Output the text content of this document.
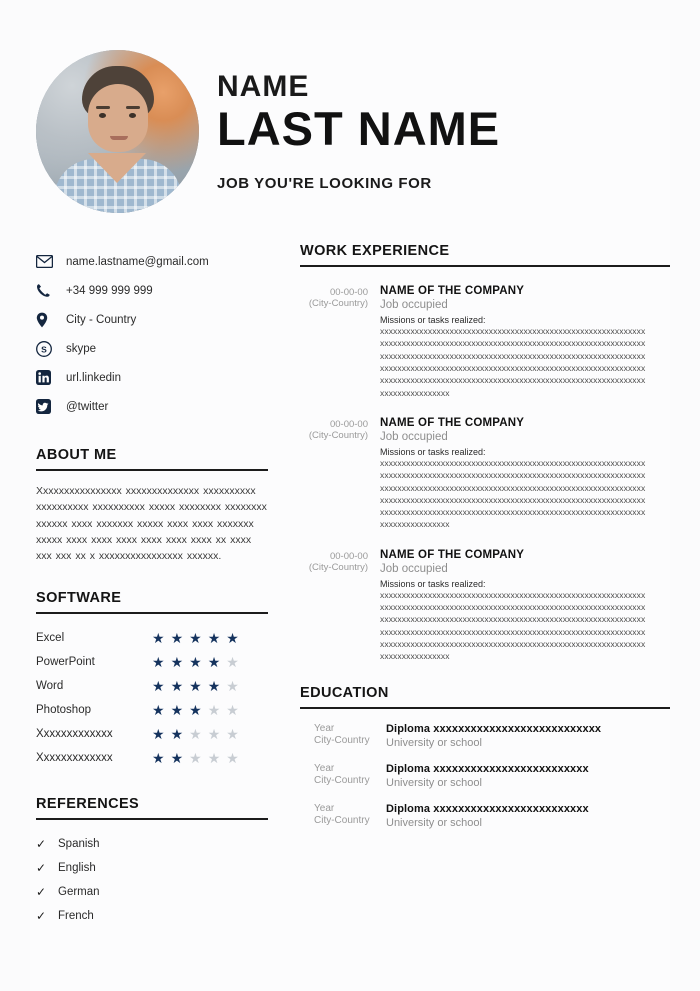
NAME
LAST NAME
JOB YOU'RE LOOKING FOR
name.lastname@gmail.com
+34 999 999 999
City - Country
S skype
url.linkedin
@twitter
ABOUT ME
Xxxxxxxxxxxxxxxx xxxxxxxxxxxxxx xxxxxxxxxx xxxxxxxxxx xxxxxxxxxx xxxxx xxxxxxxx xxxxxxxx xxxxxx xxxx xxxxxxx xxxxx xxxx xxxx xxxxxxx xxxxx xxxx xxxx xxxx xxxx xxxx xxxx xx xxxx xxx xxx xx x xxxxxxxxxxxxxxxx xxxxxx.
SOFTWARE
Excel	★ ★ ★ ★ ★
PowerPoint	★ ★ ★ ★ ★
Word	★ ★ ★ ★ ★
Photoshop	★ ★ ★ ★ ★
Xxxxxxxxxxxxx	★ ★ ★ ★ ★
Xxxxxxxxxxxxx	★ ★ ★ ★ ★
REFERENCES
✓	Spanish
✓	English
✓	German
✓	French
WORK EXPERIENCE
00-00-00
(City-Country)
NAME OF THE COMPANY
Job occupied
Missions or tasks realized:
xxxxxxxxxxxxxxxxxxxxxxxxxxxxxxxxxxxxxxxxxxxxxxxxxxxxxxxxxxxxx
xxxxxxxxxxxxxxxxxxxxxxxxxxxxxxxxxxxxxxxxxxxxxxxxxxxxxxxxxxxxx
xxxxxxxxxxxxxxxxxxxxxxxxxxxxxxxxxxxxxxxxxxxxxxxxxxxxxxxxxxxxx
xxxxxxxxxxxxxxxxxxxxxxxxxxxxxxxxxxxxxxxxxxxxxxxxxxxxxxxxxxxxx
xxxxxxxxxxxxxxxxxxxxxxxxxxxxxxxxxxxxxxxxxxxxxxxxxxxxxxxxxxxxx
xxxxxxxxxxxxxxxx
00-00-00
(City-Country)
NAME OF THE COMPANY
Job occupied
Missions or tasks realized:
xxxxxxxxxxxxxxxxxxxxxxxxxxxxxxxxxxxxxxxxxxxxxxxxxxxxxxxxxxxxx
xxxxxxxxxxxxxxxxxxxxxxxxxxxxxxxxxxxxxxxxxxxxxxxxxxxxxxxxxxxxx
xxxxxxxxxxxxxxxxxxxxxxxxxxxxxxxxxxxxxxxxxxxxxxxxxxxxxxxxxxxxx
xxxxxxxxxxxxxxxxxxxxxxxxxxxxxxxxxxxxxxxxxxxxxxxxxxxxxxxxxxxxx
xxxxxxxxxxxxxxxxxxxxxxxxxxxxxxxxxxxxxxxxxxxxxxxxxxxxxxxxxxxxx
xxxxxxxxxxxxxxxx
00-00-00
(City-Country)
NAME OF THE COMPANY
Job occupied
Missions or tasks realized:
xxxxxxxxxxxxxxxxxxxxxxxxxxxxxxxxxxxxxxxxxxxxxxxxxxxxxxxxxxxxx
xxxxxxxxxxxxxxxxxxxxxxxxxxxxxxxxxxxxxxxxxxxxxxxxxxxxxxxxxxxxx
xxxxxxxxxxxxxxxxxxxxxxxxxxxxxxxxxxxxxxxxxxxxxxxxxxxxxxxxxxxxx
xxxxxxxxxxxxxxxxxxxxxxxxxxxxxxxxxxxxxxxxxxxxxxxxxxxxxxxxxxxxx
xxxxxxxxxxxxxxxxxxxxxxxxxxxxxxxxxxxxxxxxxxxxxxxxxxxxxxxxxxxxx
xxxxxxxxxxxxxxxx
EDUCATION
Year
City-Country
Diploma xxxxxxxxxxxxxxxxxxxxxxxxxxx
University or school
Year
City-Country
Diploma xxxxxxxxxxxxxxxxxxxxxxxxx
University or school
Year
City-Country
Diploma xxxxxxxxxxxxxxxxxxxxxxxxx
University or school
